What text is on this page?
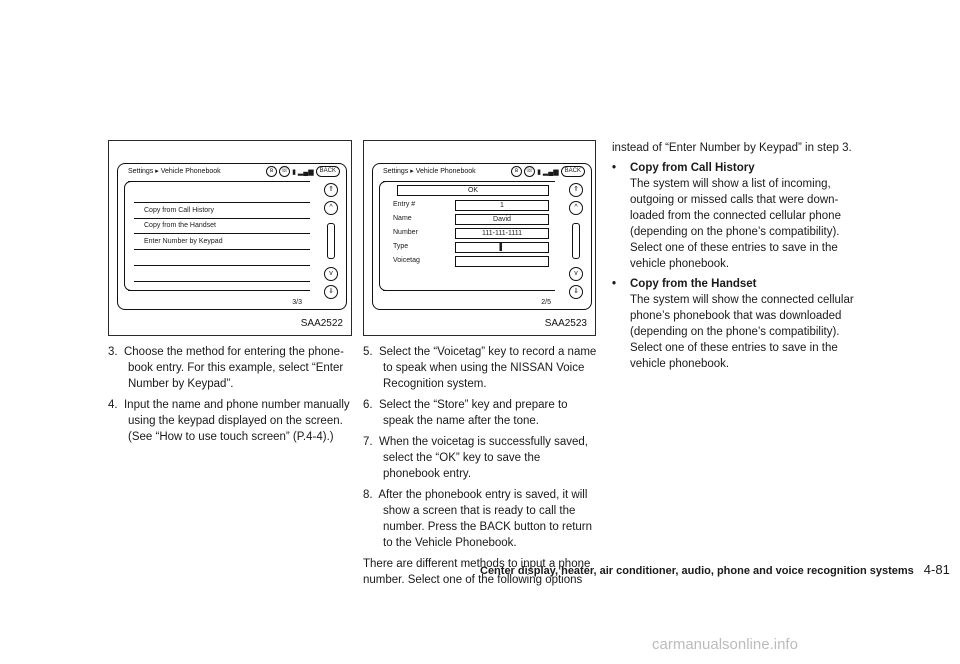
Settings ▸ Vehicle Phonebook	ʙ	☏ ▮ ▂▄▆	BACK
Copy from Call History
Copy from the Handset
Enter Number by Keypad
3/3
⇑
^
v
⇓
SAA2522
Settings ▸ Vehicle Phonebook	ʙ	☏ ▮ ▂▄▆	BACK
OK
Entry #	1
Name	David
Number	111-111-1111
Type	▌
Voicetag
2/5
⇑
^
v
⇓
SAA2523

3.  Choose the method for entering the phone-book entry. For this example, select “Enter Number by Keypad”.

4.  Input the name and phone number manually using the keypad displayed on the screen. (See “How to use touch screen” (P.4-4).)

5.  Select the “Voicetag” key to record a name to speak when using the NISSAN Voice Recognition system.

6.  Select the “Store” key and prepare to speak the name after the tone.

7.  When the voicetag is successfully saved, select the “OK” key to save the phonebook entry.

8.  After the phonebook entry is saved, it will show a screen that is ready to call the number. Press the BACK button to return to the Vehicle Phonebook.

There are different methods to input a phone number. Select one of the following options

instead of “Enter Number by Keypad” in step 3.

• Copy from Call History
The system will show a list of incoming, outgoing or missed calls that were down-loaded from the connected cellular phone (depending on the phone’s compatibility). Select one of these entries to save in the vehicle phonebook.
• Copy from the Handset
The system will show the connected cellular phone’s phonebook that was downloaded (depending on the phone’s compatibility). Select one of these entries to save in the vehicle phonebook.
Center display, heater, air conditioner, audio, phone and voice recognition systems 4-81
carmanualsonline.info
